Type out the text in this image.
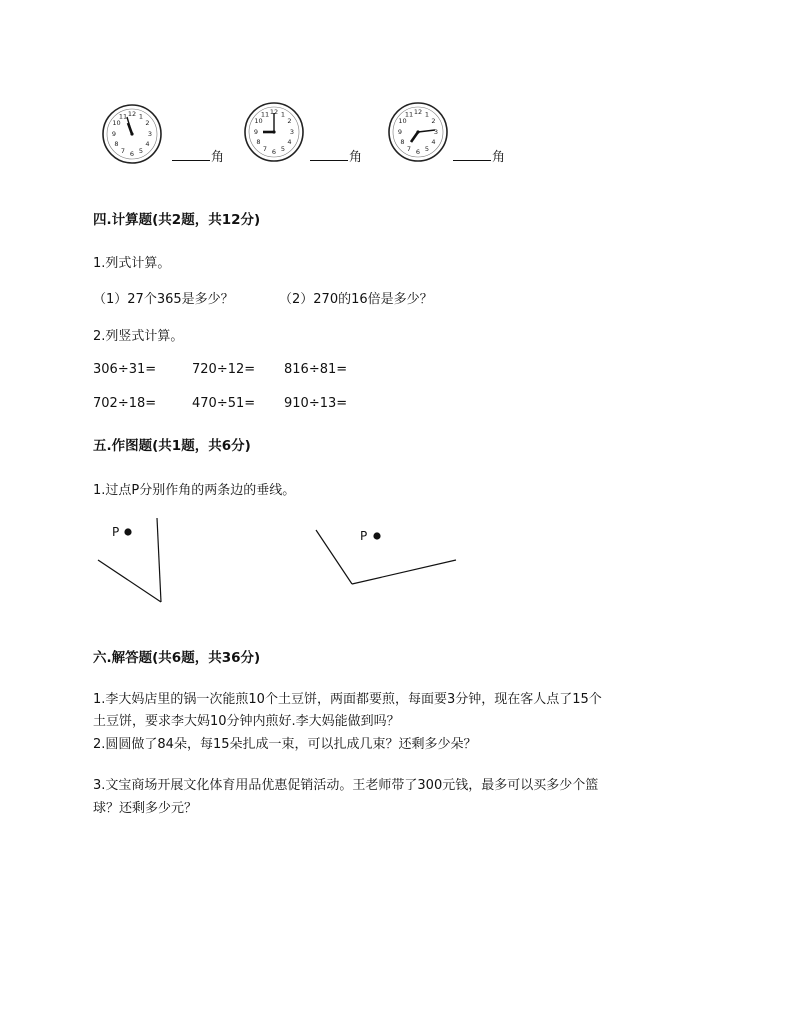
12 1
2
3
4
5
6
7
8
9
10
11
角
12 1
2
3
4
5
6
7
8
9
10
11
角
12 1
2
3
4
5
6
7
8
9
10
11
角
四.计算题(共2题，共12分)
1.列式计算。
（1）27个365是多少？	（2）270的16倍是多少？
2.列竖式计算。
306÷31=	720÷12= 816÷81=
702÷18=	470÷51= 910÷13=
五.作图题(共1题，共6分)
1.过点P分别作角的两条边的垂线。
P	P
六.解答题(共6题，共36分)
1.李大妈店里的锅一次能煎10个土豆饼，两面都要煎，每面要3分钟，现在客人点了15个
土豆饼，要求李大妈10分钟内煎好.李大妈能做到吗？
2.圆圆做了84朵，每15朵扎成一束，可以扎成几束？还剩多少朵？
3.文宝商场开展文化体育用品优惠促销活动。王老师带了300元钱，最多可以买多少个篮
球？还剩多少元？
